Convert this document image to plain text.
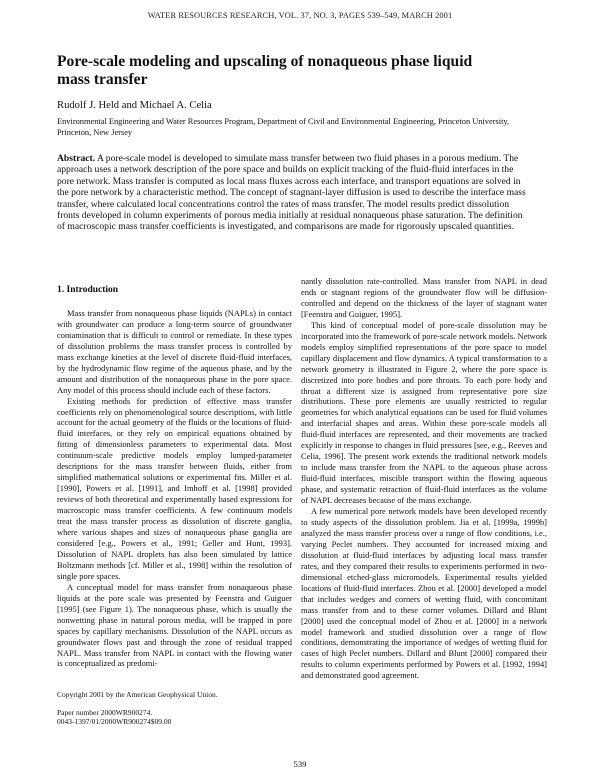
WATER RESOURCES RESEARCH, VOL. 37, NO. 3, PAGES 539–549, MARCH 2001
Pore-scale modeling and upscaling of nonaqueous phase liquid mass transfer
Rudolf J. Held and Michael A. Celia
Environmental Engineering and Water Resources Program, Department of Civil and Environmental Engineering, Princeton University, Princeton, New Jersey
Abstract. A pore-scale model is developed to simulate mass transfer between two fluid phases in a porous medium. The approach uses a network description of the pore space and builds on explicit tracking of the fluid-fluid interfaces in the pore network. Mass transfer is computed as local mass fluxes across each interface, and transport equations are solved in the pore network by a characteristic method. The concept of stagnant-layer diffusion is used to describe the interface mass transfer, where calculated local concentrations control the rates of mass transfer. The model results predict dissolution fronts developed in column experiments of porous media initially at residual nonaqueous phase saturation. The definition of macroscopic mass transfer coefficients is investigated, and comparisons are made for rigorously upscaled quantities.
1. Introduction

Mass transfer from nonaqueous phase liquids (NAPLs) in contact with groundwater can produce a long-term source of groundwater contamination that is difficult to control or remediate. In these types of dissolution problems the mass transfer process is controlled by mass exchange kinetics at the level of discrete fluid-fluid interfaces, by the hydrodynamic flow regime of the aqueous phase, and by the amount and distribution of the nonaqueous phase in the pore space. Any model of this process should include each of these factors.

Existing methods for prediction of effective mass transfer coefficients rely on phenomenological source descriptions, with little account for the actual geometry of the fluids or the locations of fluid-fluid interfaces, or they rely on empirical equations obtained by fitting of dimensionless parameters to experimental data. Most continuum-scale predictive models employ lumped-parameter descriptions for the mass transfer between fluids, either from simplified mathematical solutions or experimental fits. Miller et al. [1990], Powers et al. [1991], and Imhoff et al. [1998] provided reviews of both theoretical and experimentally based expressions for macroscopic mass transfer coefficients. A few continuum models treat the mass transfer process as dissolution of discrete ganglia, where various shapes and sizes of nonaqueous phase ganglia are considered [e.g., Powers et al., 1991; Geller and Hunt, 1993]. Dissolution of NAPL droplets has also been simulated by lattice Boltzmann methods [cf. Miller et al., 1998] within the resolution of single pore spaces.

A conceptual model for mass transfer from nonaqueous phase liquids at the pore scale was presented by Feenstra and Guiguer [1995] (see Figure 1). The nonaqueous phase, which is usually the nonwetting phase in natural porous media, will be trapped in pore spaces by capillary mechanisms. Dissolution of the NAPL occurs as groundwater flows past and through the zone of residual trapped NAPL. Mass transfer from NAPL in contact with the flowing water is conceptualized as predomi-

Copyright 2001 by the American Geophysical Union.
Paper number 2000WR900274.
0043-1397/01/2000WR900274$09.00

nantly dissolution rate-controlled. Mass transfer from NAPL in dead ends or stagnant regions of the groundwater flow will be diffusion-controlled and depend on the thickness of the layer of stagnant water [Feenstra and Guiguer, 1995].

This kind of conceptual model of pore-scale dissolution may be incorporated into the framework of pore-scale network models. Network models employ simplified representations of the pore space to model capillary displacement and flow dynamics. A typical transformation to a network geometry is illustrated in Figure 2, where the pore space is discretized into pore bodies and pore throats. To each pore body and throat a different size is assigned from representative pore size distributions. These pore elements are usually restricted to regular geometries for which analytical equations can be used for fluid volumes and interfacial shapes and areas. Within these pore-scale models all fluid-fluid interfaces are represented, and their movements are tracked explicitly in response to changes in fluid pressures [see, e.g., Reeves and Celia, 1996]. The present work extends the traditional network models to include mass transfer from the NAPL to the aqueous phase across fluid-fluid interfaces, miscible transport within the flowing aqueous phase, and systematic retraction of fluid-fluid interfaces as the volume of NAPL decreases because of the mass exchange.

A few numerical pore network models have been developed recently to study aspects of the dissolution problem. Jia et al. [1999a, 1999b] analyzed the mass transfer process over a range of flow conditions, i.e., varying Peclet numbers. They accounted for increased mixing and dissolution at fluid-fluid interfaces by adjusting local mass transfer rates, and they compared their results to experiments performed in two-dimensional etched-glass micromodels. Experimental results yielded locations of fluid-fluid interfaces. Zhou et al. [2000] developed a model that includes wedges and corners of wetting fluid, with concomitant mass transfer from and to these corner volumes. Dillard and Blunt [2000] used the conceptual model of Zhou et al. [2000] in a network model framework and studied dissolution over a range of flow conditions, demonstrating the importance of wedges of wetting fluid for cases of high Peclet numbers. Dillard and Blunt [2000] compared their results to column experiments performed by Powers et al. [1992, 1994] and demonstrated good agreement.

539
